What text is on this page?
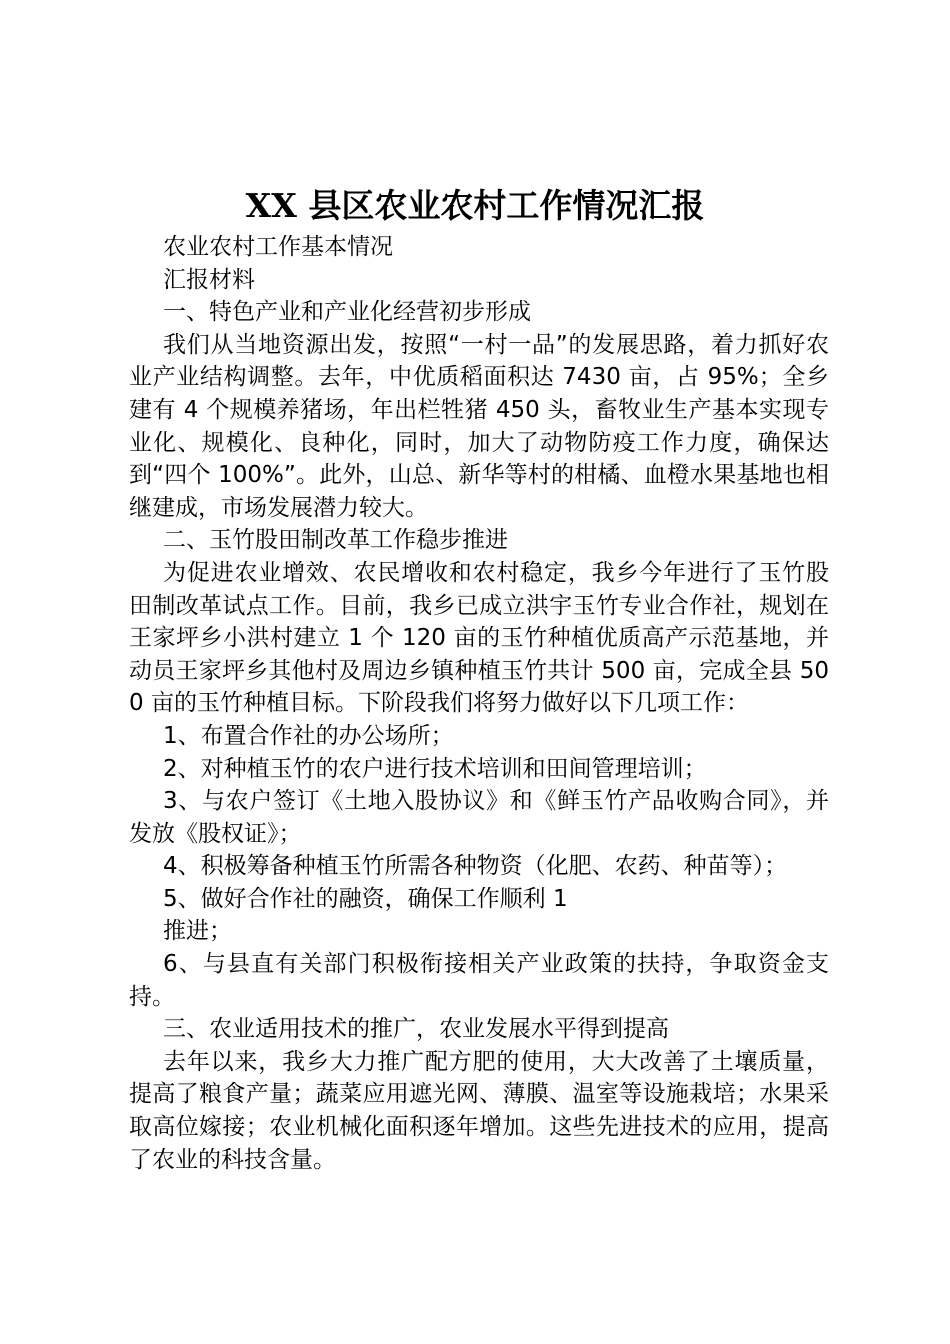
XX 县区农业农村工作情况汇报

农业农村工作基本情况

汇报材料

一、特色产业和产业化经营初步形成

我们从当地资源出发，按照“一村一品”的发展思路，着力抓好农业产业结构调整。去年，中优质稻面积达 7430 亩，占 95%；全乡建有 4 个规模养猪场，年出栏牲猪 450 头，畜牧业生产基本实现专业化、规模化、良种化，同时，加大了动物防疫工作力度，确保达到“四个 100%”。此外，山总、新华等村的柑橘、血橙水果基地也相继建成，市场发展潜力较大。

二、玉竹股田制改革工作稳步推进

为促进农业增效、农民增收和农村稳定，我乡今年进行了玉竹股田制改革试点工作。目前，我乡已成立洪宇玉竹专业合作社，规划在王家坪乡小洪村建立 1 个 120 亩的玉竹种植优质高产示范基地，并动员王家坪乡其他村及周边乡镇种植玉竹共计 500 亩，完成全县 500 亩的玉竹种植目标。下阶段我们将努力做好以下几项工作：

1、布置合作社的办公场所；

2、对种植玉竹的农户进行技术培训和田间管理培训；

3、与农户签订《土地入股协议》和《鲜玉竹产品收购合同》，并发放《股权证》；

4、积极筹备种植玉竹所需各种物资（化肥、农药、种苗等）；

5、做好合作社的融资，确保工作顺利 1

推进；

6、与县直有关部门积极衔接相关产业政策的扶持，争取资金支持。

三、农业适用技术的推广，农业发展水平得到提高

去年以来，我乡大力推广配方肥的使用，大大改善了土壤质量，提高了粮食产量；蔬菜应用遮光网、薄膜、温室等设施栽培；水果采取高位嫁接；农业机械化面积逐年增加。这些先进技术的应用，提高了农业的科技含量。
